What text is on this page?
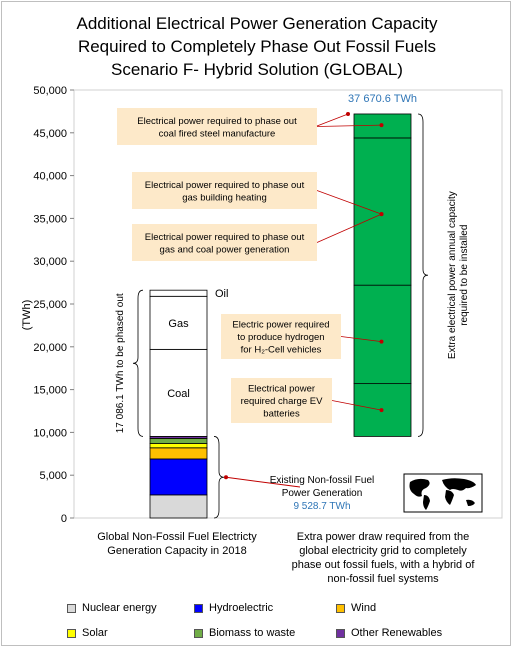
Additional Electrical Power Generation Capacity
Required to Completely Phase Out Fossil Fuels
Scenario F- Hybrid Solution (GLOBAL)
0
5,000
10,000
15,000
20,000
25,000
30,000
35,000
40,000
45,000
50,000
(TWh)
Coal
Gas
Oil
37 670.6 TWh
17 086.1 TWh to be phased out
Extra electrical power annual capacity required to be installed
Existing Non-fossil Fuel
Power Generation
9 528.7 TWh
Electrical power required to phase out
coal fired steel manufacture
Electrical power required to phase out
gas building heating
Electrical power required to phase out
gas and coal power generation
Electric power required
to produce hydrogen
for H₂-Cell vehicles
Electrical power
required charge EV
batteries
Global Non-Fossil Fuel Electricty
Generation Capacity in 2018
Extra power draw required from the
global electricity grid to completely
phase out fossil fuels, with a hybrid of
non-fossil fuel systems
Nuclear energy	Hydroelectric	Wind
Solar	Biomass to waste	Other Renewables
